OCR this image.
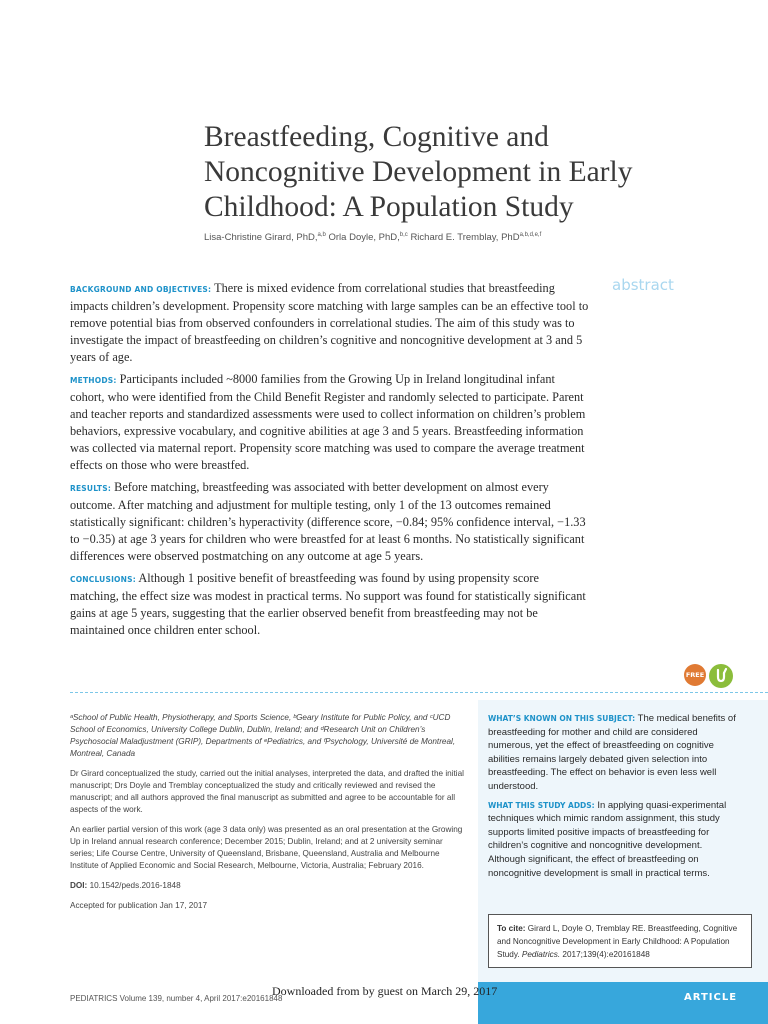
Breastfeeding, Cognitive and Noncognitive Development in Early Childhood: A Population Study
Lisa-Christine Girard, PhD,$^{a,b}$ Orla Doyle, PhD,$^{b,c}$ Richard E. Tremblay, PhD$^{a,b,d,e,f}$
abstract

BACKGROUND AND OBJECTIVES: There is mixed evidence from correlational studies that breastfeeding impacts children’s development. Propensity score matching with large samples can be an effective tool to remove potential bias from observed confounders in correlational studies. The aim of this study was to investigate the impact of breastfeeding on children’s cognitive and noncognitive development at 3 and 5 years of age.

METHODS: Participants included ~8000 families from the Growing Up in Ireland longitudinal infant cohort, who were identified from the Child Benefit Register and randomly selected to participate. Parent and teacher reports and standardized assessments were used to collect information on children’s problem behaviors, expressive vocabulary, and cognitive abilities at age 3 and 5 years. Breastfeeding information was collected via maternal report. Propensity score matching was used to compare the average treatment effects on those who were breastfed.

RESULTS: Before matching, breastfeeding was associated with better development on almost every outcome. After matching and adjustment for multiple testing, only 1 of the 13 outcomes remained statistically significant: children’s hyperactivity (difference score, −0.84; 95% confidence interval, −1.33 to −0.35) at age 3 years for children who were breastfed for at least 6 months. No statistically significant differences were observed postmatching on any outcome at age 5 years.

CONCLUSIONS: Although 1 positive benefit of breastfeeding was found by using propensity score matching, the effect size was modest in practical terms. No support was found for statistically significant gains at age 5 years, suggesting that the earlier observed benefit from breastfeeding may not be maintained once children enter school.

FREE

ᵃSchool of Public Health, Physiotherapy, and Sports Science, ᵇGeary Institute for Public Policy, and ᶜUCD School of Economics, University College Dublin, Dublin, Ireland; and ᵈResearch Unit on Children’s Psychosocial Maladjustment (GRIP), Departments of ᵉPediatrics, and ᶠPsychology, Université de Montreal, Montreal, Canada

Dr Girard conceptualized the study, carried out the initial analyses, interpreted the data, and drafted the initial manuscript; Drs Doyle and Tremblay conceptualized the study and critically reviewed and revised the manuscript; and all authors approved the final manuscript as submitted and agree to be accountable for all aspects of the work.

An earlier partial version of this work (age 3 data only) was presented as an oral presentation at the Growing Up in Ireland annual research conference; December 2015; Dublin, Ireland; and at 2 university seminar series; Life Course Centre, University of Queensland, Brisbane, Queensland, Australia and Melbourne Institute of Applied Economic and Social Research, Melbourne, Victoria, Australia; February 2016.

DOI: 10.1542/peds.2016-1848

Accepted for publication Jan 17, 2017

WHAT’S KNOWN ON THIS SUBJECT: The medical benefits of breastfeeding for mother and child are considered numerous, yet the effect of breastfeeding on cognitive abilities remains largely debated given selection into breastfeeding. The effect on behavior is even less well understood.

WHAT THIS STUDY ADDS: In applying quasi-experimental techniques which mimic random assignment, this study supports limited positive impacts of breastfeeding for children’s cognitive and noncognitive development. Although significant, the effect of breastfeeding on noncognitive development is small in practical terms.

To cite: Girard L, Doyle O, Tremblay RE. Breastfeeding, Cognitive and Noncognitive Development in Early Childhood: A Population Study. Pediatrics. 2017;139(4):e20161848
ARTICLE
Downloaded from by guest on March 29, 2017
PEDIATRICS Volume 139, number 4, April 2017:e20161848
